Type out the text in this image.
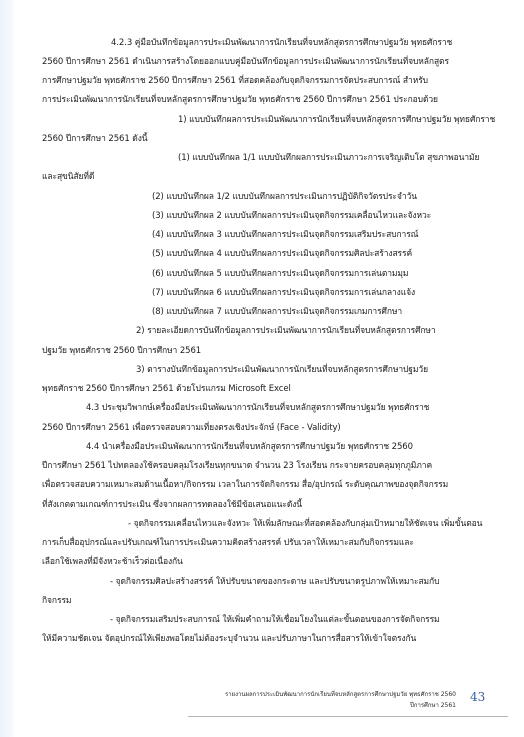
4.2.3 คู่มือบันทึกข้อมูลการประเมินพัฒนาการนักเรียนที่จบหลักสูตรการศึกษาปฐมวัย พุทธศักราช
2560 ปีการศึกษา 2561 ดำเนินการสร้างโดยออกแบบคู่มือบันทึกข้อมูลการประเมินพัฒนาการนักเรียนที่จบหลักสูตร
การศึกษาปฐมวัย พุทธศักราช 2560 ปีการศึกษา 2561 ที่สอดคล้องกับจุดกิจกรรมการจัดประสบการณ์ สำหรับ
การประเมินพัฒนาการนักเรียนที่จบหลักสูตรการศึกษาปฐมวัย พุทธศักราช 2560 ปีการศึกษา 2561 ประกอบด้วย
1) แบบบันทึกผลการประเมินพัฒนาการนักเรียนที่จบหลักสูตรการศึกษาปฐมวัย พุทธศักราช
2560 ปีการศึกษา 2561 ดังนี้
(1) แบบบันทึกผล 1/1 แบบบันทึกผลการประเมินภาวะการเจริญเติบโต สุขภาพอนามัย
และสุขนิสัยที่ดี
(2) แบบบันทึกผล 1/2 แบบบันทึกผลการประเมินการปฏิบัติกิจวัตรประจำวัน
(3) แบบบันทึกผล 2 แบบบันทึกผลการประเมินจุดกิจกรรมเคลื่อนไหวและจังหวะ
(4) แบบบันทึกผล 3 แบบบันทึกผลการประเมินจุดกิจกรรมเสริมประสบการณ์
(5) แบบบันทึกผล 4 แบบบันทึกผลการประเมินจุดกิจกรรมศิลปะสร้างสรรค์
(6) แบบบันทึกผล 5 แบบบันทึกผลการประเมินจุดกิจกรรมการเล่นตามมุม
(7) แบบบันทึกผล 6 แบบบันทึกผลการประเมินจุดกิจกรรมการเล่นกลางแจ้ง
(8) แบบบันทึกผล 7 แบบบันทึกผลการประเมินจุดกิจกรรมเกมการศึกษา
2) รายละเอียดการบันทึกข้อมูลการประเมินพัฒนาการนักเรียนที่จบหลักสูตรการศึกษา
ปฐมวัย พุทธศักราช 2560 ปีการศึกษา 2561
3) ตารางบันทึกข้อมูลการประเมินพัฒนาการนักเรียนที่จบหลักสูตรการศึกษาปฐมวัย
พุทธศักราช 2560 ปีการศึกษา 2561 ด้วยโปรแกรม Microsoft Excel
4.3 ประชุมวิพากษ์เครื่องมือประเมินพัฒนาการนักเรียนที่จบหลักสูตรการศึกษาปฐมวัย พุทธศักราช
2560 ปีการศึกษา 2561 เพื่อตรวจสอบความเที่ยงตรงเชิงประจักษ์ (Face - Validity)
4.4 นำเครื่องมือประเมินพัฒนาการนักเรียนที่จบหลักสูตรการศึกษาปฐมวัย พุทธศักราช 2560
ปีการศึกษา 2561 ไปทดลองใช้ครอบคลุมโรงเรียนทุกขนาด จำนวน 23 โรงเรียน กระจายครอบคลุมทุกภูมิภาค
เพื่อตรวจสอบความเหมาะสมด้านเนื้อหา/กิจกรรม เวลาในการจัดกิจกรรม สื่อ/อุปกรณ์ ระดับคุณภาพของจุดกิจกรรม
ที่สังเกตตามเกณฑ์การประเมิน ซึ่งจากผลการทดลองใช้มีข้อเสนอแนะดังนี้
- จุดกิจกรรมเคลื่อนไหวและจังหวะ ให้เพิ่มลักษณะที่สอดคล้องกับกลุ่มเป้าหมายให้ชัดเจน เพิ่มขั้นตอน
การเก็บสื่ออุปกรณ์และปรับเกณฑ์ในการประเมินความคิดสร้างสรรค์ ปรับเวลาให้เหมาะสมกับกิจกรรมและ
เลือกใช้เพลงที่มีจังหวะช้าเร็วต่อเนื่องกัน
- จุดกิจกรรมศิลปะสร้างสรรค์ ให้ปรับขนาดของกระดาษ และปรับขนาดรูปภาพให้เหมาะสมกับ
กิจกรรม
- จุดกิจกรรมเสริมประสบการณ์ ให้เพิ่มคำถามให้เชื่อมโยงในแต่ละขั้นตอนของการจัดกิจกรรม
ให้มีความชัดเจน จัดอุปกรณ์ให้เพียงพอโดยไม่ต้องระบุจำนวน และปรับภาษาในการสื่อสารให้เข้าใจตรงกัน
รายงานผลการประเมินพัฒนาการนักเรียนที่จบหลักสูตรการศึกษาปฐมวัย พุทธศักราช 2560
ปีการศึกษา 2561
43
